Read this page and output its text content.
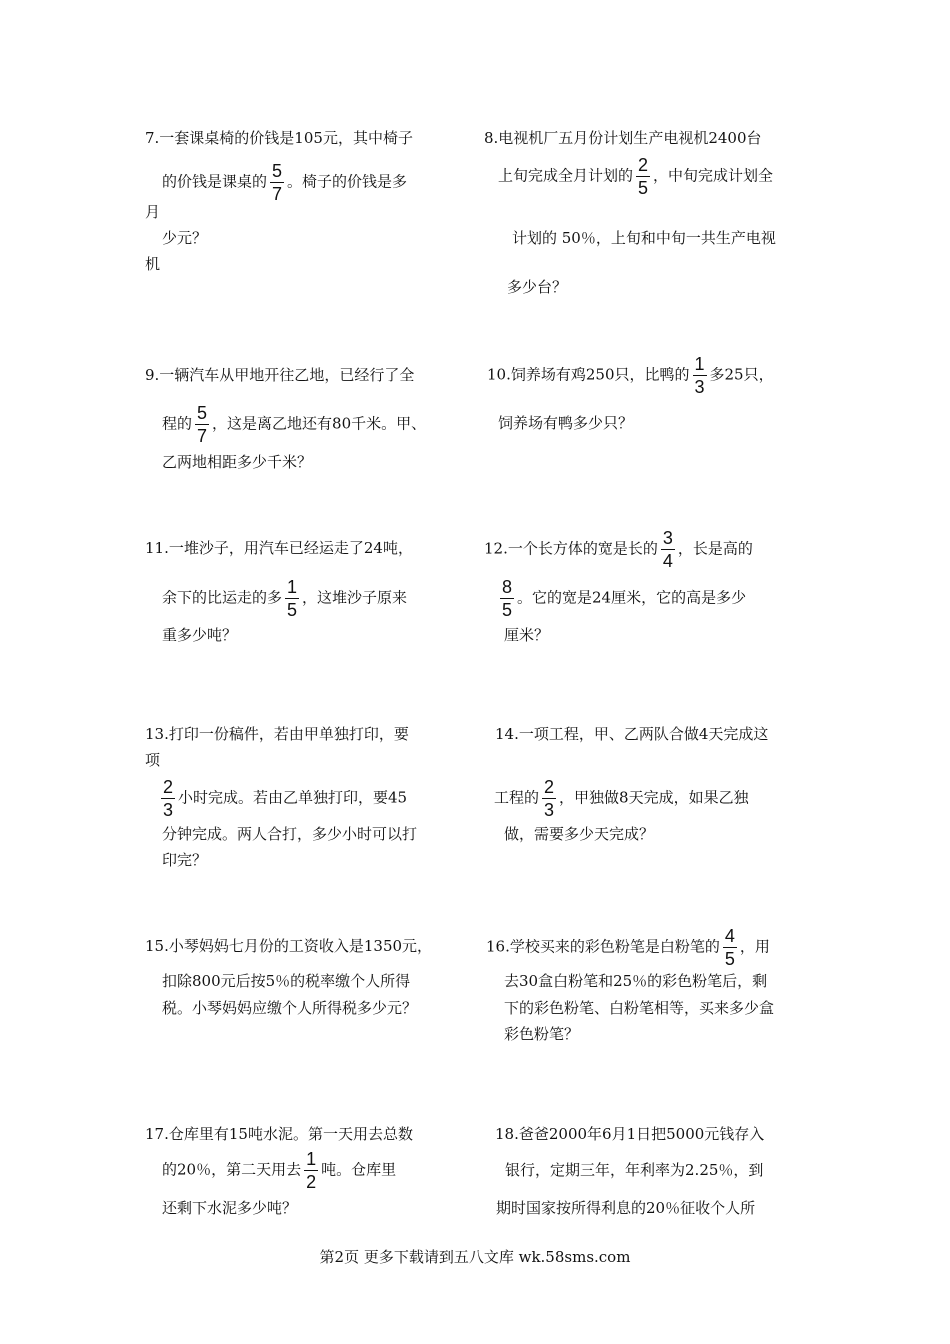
7.一套课桌椅的价钱是105元，其中椅子
的价钱是课桌的 $\frac{5}{7}$ 。椅子的价钱是多
月
少元？
机
8.电视机厂五月份计划生产电视机2400台
上旬完成全月计划的 $\frac{2}{5}$ ，中旬完成计划全
计划的 50％，上旬和中旬一共生产电视
多少台？
9.一辆汽车从甲地开往乙地，已经行了全
程的 $\frac{5}{7}$ ，这是离乙地还有80千米。甲、
乙两地相距多少千米？
10.饲养场有鸡250只，比鸭的 $\frac{1}{3}$ 多25只，
饲养场有鸭多少只？
11.一堆沙子，用汽车已经运走了24吨，
余下的比运走的多 $\frac{1}{5}$ ，这堆沙子原来
重多少吨？
12.一个长方体的宽是长的 $\frac{3}{4}$ ，长是高的
$\frac{8}{5}$ 。它的宽是24厘米，它的高是多少
厘米？
13.打印一份稿件，若由甲单独打印，要
项
$\frac{2}{3}$ 小时完成。若由乙单独打印，要45
分钟完成。两人合打，多少小时可以打
印完？
14.一项工程，甲、乙两队合做4天完成这
工程的 $\frac{2}{3}$ ，甲独做8天完成，如果乙独
做，需要多少天完成？
15.小琴妈妈七月份的工资收入是1350元，
扣除800元后按5％的税率缴个人所得
税。小琴妈妈应缴个人所得税多少元？
16.学校买来的彩色粉笔是白粉笔的 $\frac{4}{5}$ ，用
去30盒白粉笔和25％的彩色粉笔后，剩
下的彩色粉笔、白粉笔相等，买来多少盒
彩色粉笔？
17.仓库里有15吨水泥。第一天用去总数
的20％，第二天用去 $\frac{1}{2}$ 吨。仓库里
还剩下水泥多少吨？
18.爸爸2000年6月1日把5000元钱存入
银行，定期三年，年利率为2.25％，到
期时国家按所得利息的20％征收个人所
第2页 更多下载请到五八文库 wk.58sms.com
